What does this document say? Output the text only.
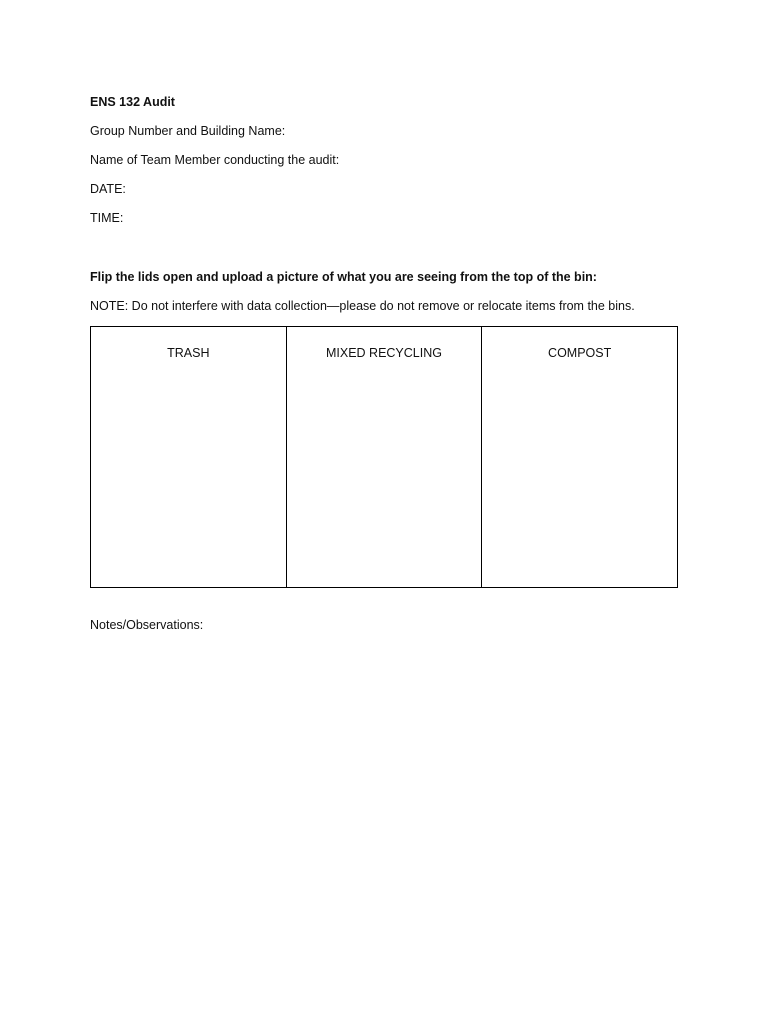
ENS 132 Audit
Group Number and Building Name:
Name of Team Member conducting the audit:
DATE:
TIME:
Flip the lids open and upload a picture of what you are seeing from the top of the bin:
NOTE: Do not interfere with data collection—please do not remove or relocate items from the bins.
TRASH	MIXED RECYCLING	COMPOST
Notes/Observations:
